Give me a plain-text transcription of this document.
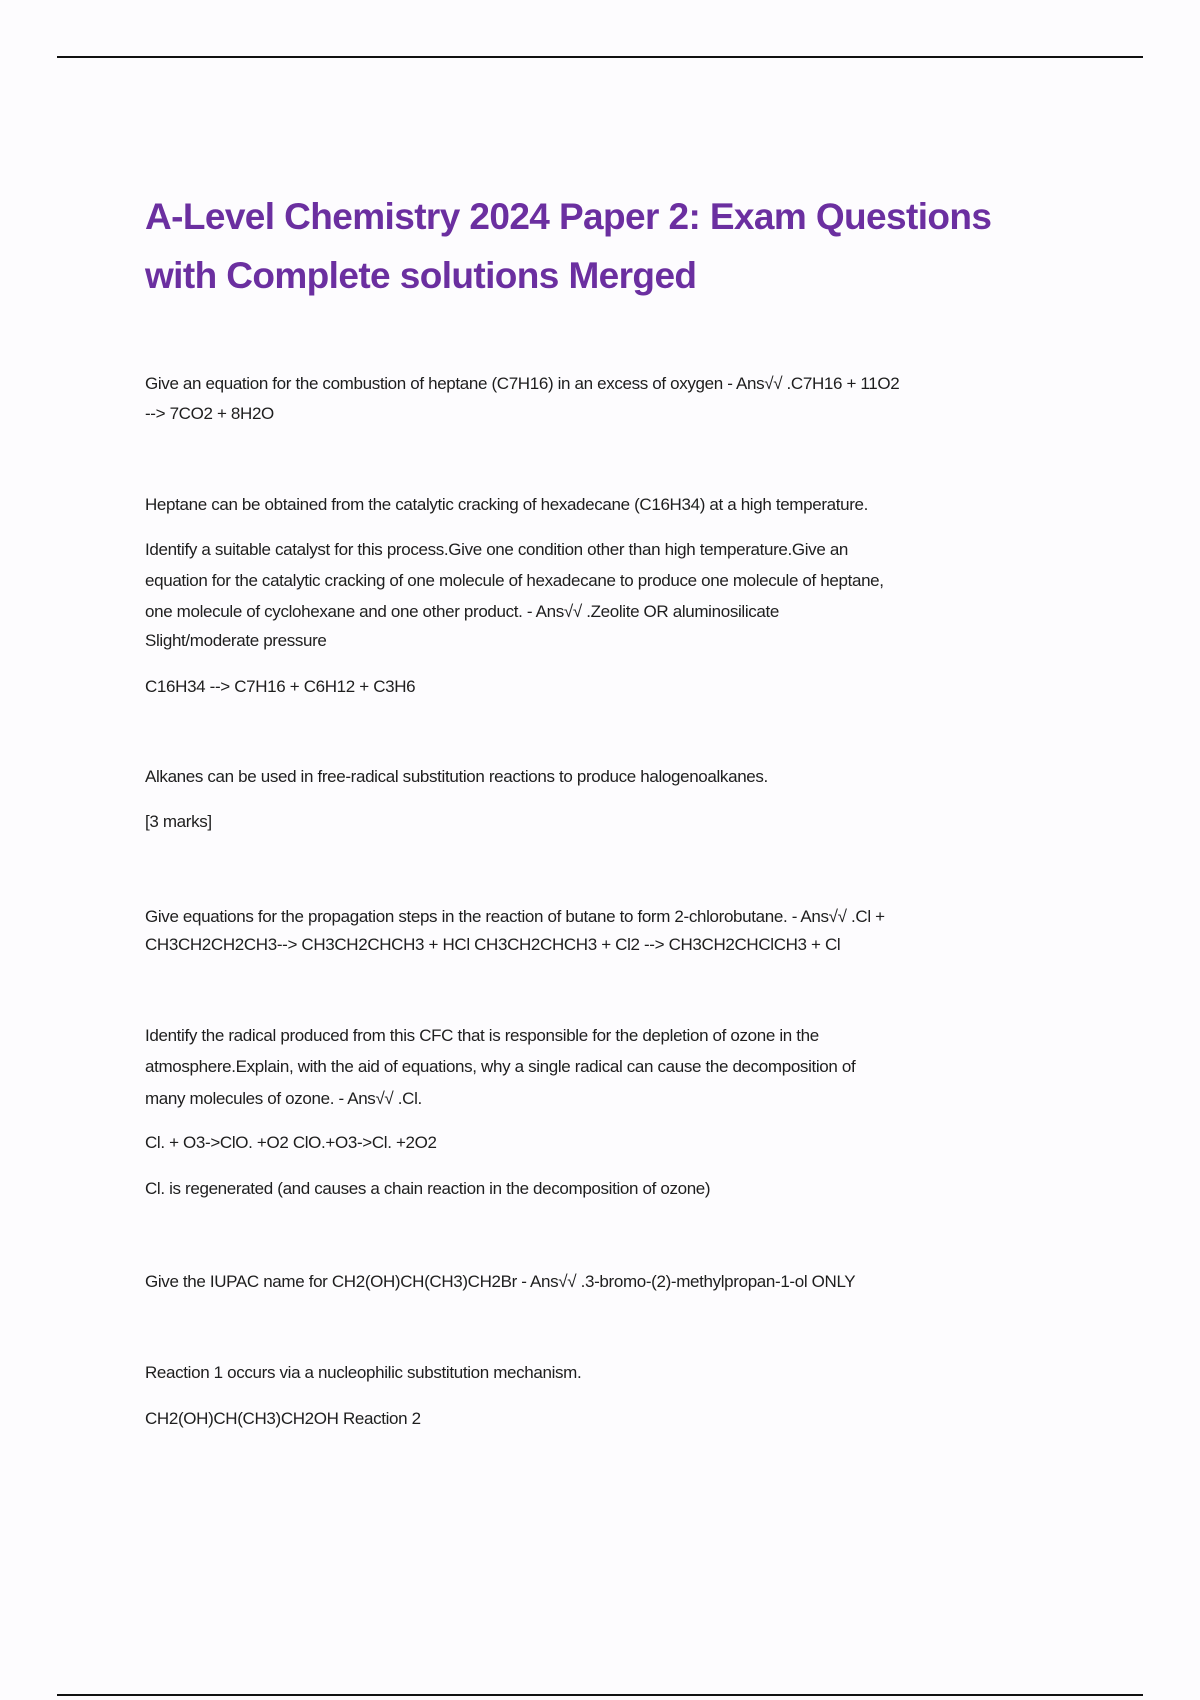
A-Level Chemistry 2024 Paper 2: Exam Questions
with Complete solutions Merged
Give an equation for the combustion of heptane (C7H16) in an excess of oxygen - Ans√√ .C7H16 + 11O2
--> 7CO2 + 8H2O
Heptane can be obtained from the catalytic cracking of hexadecane (C16H34) at a high temperature.
Identify a suitable catalyst for this process.Give one condition other than high temperature.Give an
equation for the catalytic cracking of one molecule of hexadecane to produce one molecule of heptane,
one molecule of cyclohexane and one other product. - Ans√√ .Zeolite OR aluminosilicate
Slight/moderate pressure
C16H34 --> C7H16 + C6H12 + C3H6
Alkanes can be used in free-radical substitution reactions to produce halogenoalkanes.
[3 marks]
Give equations for the propagation steps in the reaction of butane to form 2-chlorobutane. - Ans√√ .Cl +
CH3CH2CH2CH3--> CH3CH2CHCH3 + HCl CH3CH2CHCH3 + Cl2 --> CH3CH2CHClCH3 + Cl
Identify the radical produced from this CFC that is responsible for the depletion of ozone in the
atmosphere.Explain, with the aid of equations, why a single radical can cause the decomposition of
many molecules of ozone. - Ans√√ .Cl.
Cl. + O3->ClO. +O2 ClO.+O3->Cl. +2O2
Cl. is regenerated (and causes a chain reaction in the decomposition of ozone)
Give the IUPAC name for CH2(OH)CH(CH3)CH2Br - Ans√√ .3-bromo-(2)-methylpropan-1-ol ONLY
Reaction 1 occurs via a nucleophilic substitution mechanism.
CH2(OH)CH(CH3)CH2OH Reaction 2
